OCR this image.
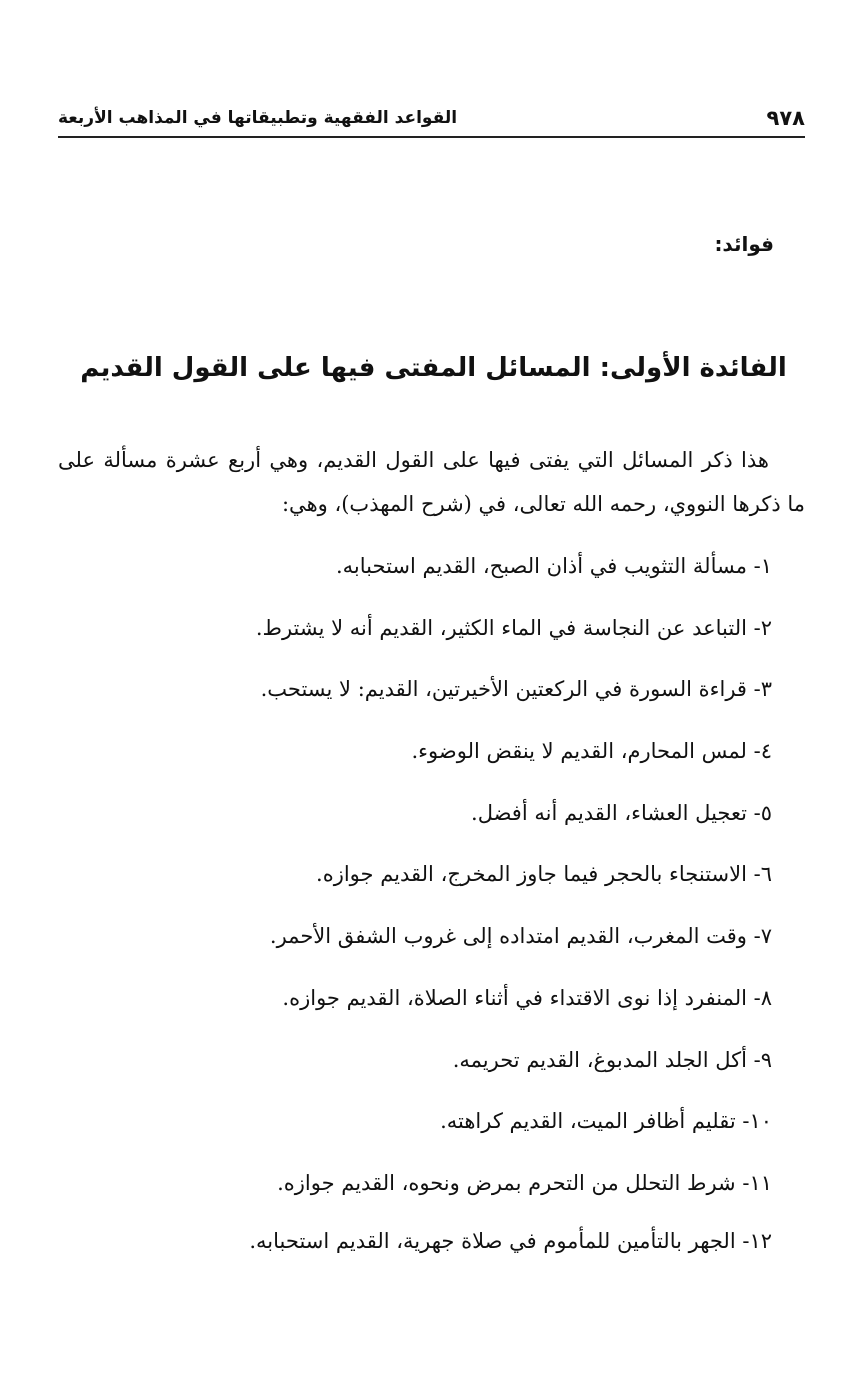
٩٧٨
القواعد الفقهية وتطبيقاتها في المذاهب الأربعة
فوائد:
الفائدة الأولى: المسائل المفتى فيها على القول القديم

هذا ذكر المسائل التي يفتى فيها على القول القديم، وهي أربع عشرة مسألة على ما ذكرها النووي، رحمه الله تعالى، في (شرح المهذب)، وهي:

١- مسألة التثويب في أذان الصبح، القديم استحبابه.
٢- التباعد عن النجاسة في الماء الكثير، القديم أنه لا يشترط.
٣- قراءة السورة في الركعتين الأخيرتين، القديم: لا يستحب.
٤- لمس المحارم، القديم لا ينقض الوضوء.
٥- تعجيل العشاء، القديم أنه أفضل.
٦- الاستنجاء بالحجر فيما جاوز المخرج، القديم جوازه.
٧- وقت المغرب، القديم امتداده إلى غروب الشفق الأحمر.
٨- المنفرد إذا نوى الاقتداء في أثناء الصلاة، القديم جوازه.
٩- أكل الجلد المدبوغ، القديم تحريمه.
١٠- تقليم أظافر الميت، القديم كراهته.
١١- شرط التحلل من التحرم بمرض ونحوه، القديم جوازه.
١٢- الجهر بالتأمين للمأموم في صلاة جهرية، القديم استحبابه.
